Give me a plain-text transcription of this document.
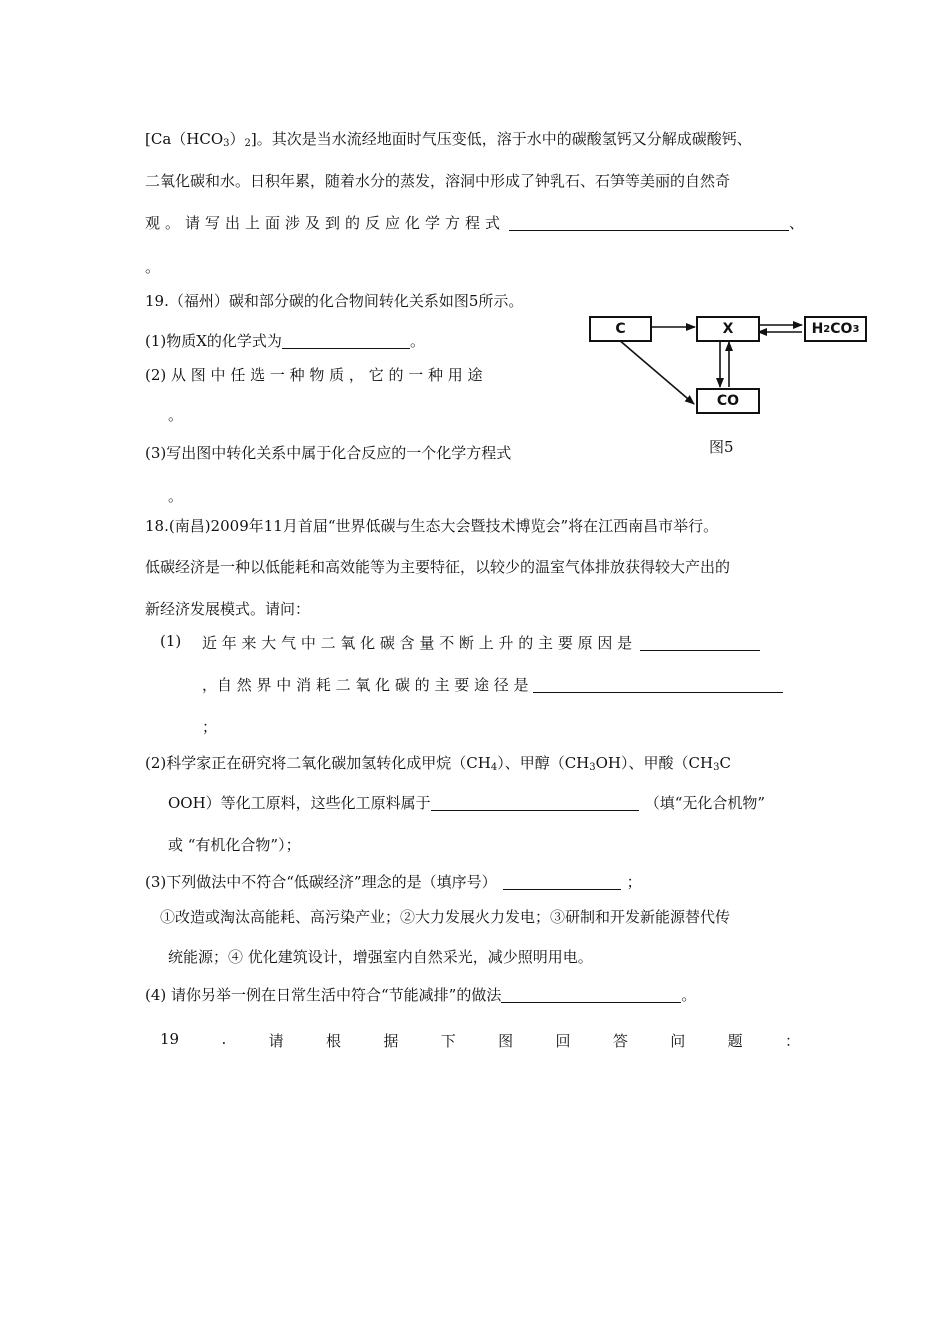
$[Ca(HCO_3)_2]$。其次是当水流经地面时气压变低，溶于水中的碳酸氢钙又分解成碳酸钙、
二氧化碳和水。日积年累，随着水分的蒸发，溶洞中形成了钟乳石、石笋等美丽的自然奇
观。请写出上面涉及到的反应化学方程式	、
。
19.（福州）碳和部分碳的化合物间转化关系如图5所示。
(1)物质X的化学式为	。
(2) 从 图 中 任 选 一 种 物 质 ， 它 的 一 种 用 途
。
(3)写出图中转化关系中属于化合反应的一个化学方程式
。
C	X	H 2 CO 3
CO
图5
18.(南昌)2009年11月首届“世界低碳与生态大会暨技术博览会”将在江西南昌市举行。
低碳经济是一种以低能耗和高效能等为主要特征，以较少的温室气体排放获得较大产出的
新经济发展模式。请问：
(1) 近 年 来 大 气 中 二 氧 化 碳 含 量 不 断 上 升 的 主 要 原 因 是
，自 然 界 中 消 耗 二 氧 化 碳 的 主 要 途 径 是
；
(2)科学家正在研究将二氧化碳加氢转化成甲烷$(CH_4)$、甲醇$(CH_3OH)$、甲酸（$CH_3C$
OOH）等化工原料，这些化工原料属于	（填“无化合机物”
或 “有机化合物”）；
(3)下列做法中不符合“低碳经济”理念的是（填序号）	；
①改造或淘汰高能耗、高污染产业；②大力发展火力发电；③研制和开发新能源替代传
统能源；④ 优化建筑设计，增强室内自然采光，减少照明用电。
(4) 请你另举一例在日常生活中符合“节能减排”的做法	。
19	.	请	根	据	下	图	回	答	问	题	：
